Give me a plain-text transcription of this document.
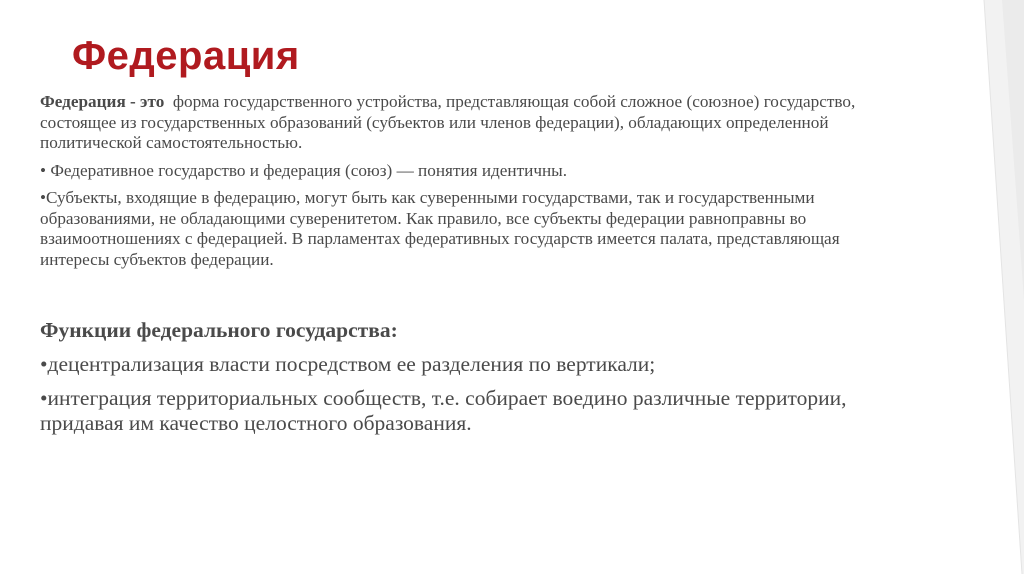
Федерация

Федерация - это  форма государственного устройства, представляющая собой сложное (союзное) государство, состоящее из государственных образований (субъектов или членов федерации), обладающих определенной политической самостоятельностью.

• Федеративное государство и федерация (союз) — понятия идентичны.

•Субъекты, входящие в федерацию, могут быть как суверенными государствами, так и государственными образованиями, не обладающими суверенитетом. Как правило, все субъекты федерации равноправны во взаимоотношениях с федерацией. В парламентах федеративных государств имеется палата, представляющая интересы субъектов федерации.

Функции федерального государства:

•децентрализация власти посредством ее разделения по вертикали;

•интеграция территориальных сообществ, т.е. собирает воедино различные территории, придавая им качество целостного образования.
